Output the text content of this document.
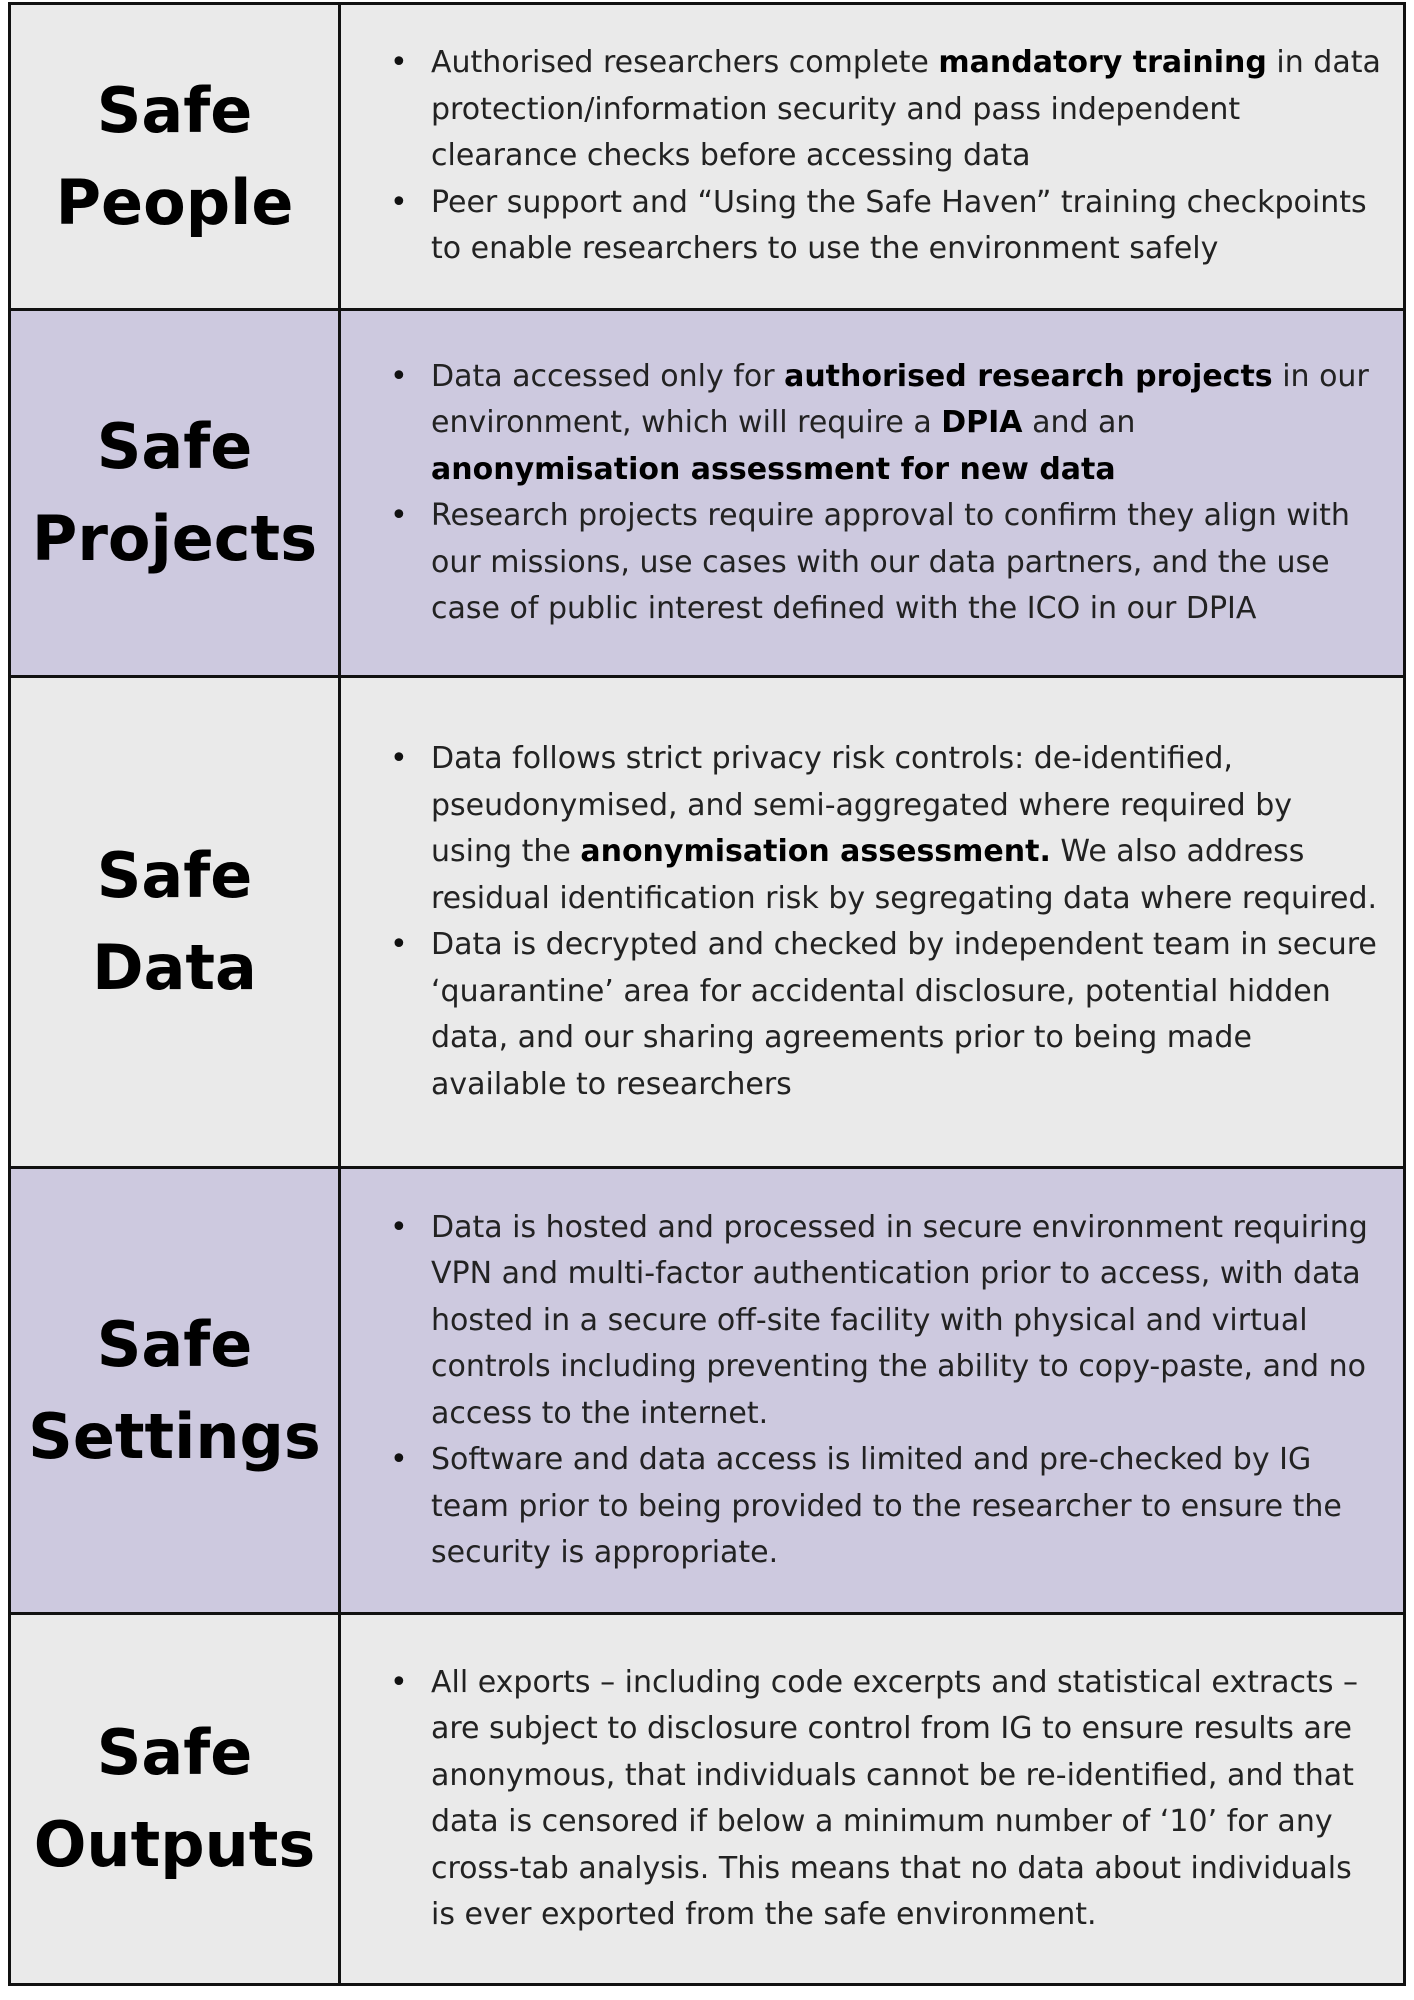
Safe
People
• Authorised researchers complete mandatory training in data protection/information security and pass independent clearance checks before accessing data
• Peer support and “Using the Safe Haven” training checkpoints to enable researchers to use the environment safely
Safe
Projects
• Data accessed only for authorised research projects in our environment, which will require a DPIA and an anonymisation assessment for new data
• Research projects require approval to confirm they align with our missions, use cases with our data partners, and the use case of public interest defined with the ICO in our DPIA
Safe
Data
• Data follows strict privacy risk controls: de-identified, pseudonymised, and semi-aggregated where required by using the anonymisation assessment. We also address residual identification risk by segregating data where required.
• Data is decrypted and checked by independent team in secure ‘quarantine’ area for accidental disclosure, potential hidden data, and our sharing agreements prior to being made available to researchers
Safe
Settings
• Data is hosted and processed in secure environment requiring VPN and multi-factor authentication prior to access, with data hosted in a secure off-site facility with physical and virtual controls including preventing the ability to copy-paste, and no access to the internet.
• Software and data access is limited and pre-checked by IG team prior to being provided to the researcher to ensure the security is appropriate.
Safe
Outputs
• All exports – including code excerpts and statistical extracts – are subject to disclosure control from IG to ensure results are anonymous, that individuals cannot be re-identified, and that data is censored if below a minimum number of ‘10’ for any cross-tab analysis. This means that no data about individuals is ever exported from the safe environment.
